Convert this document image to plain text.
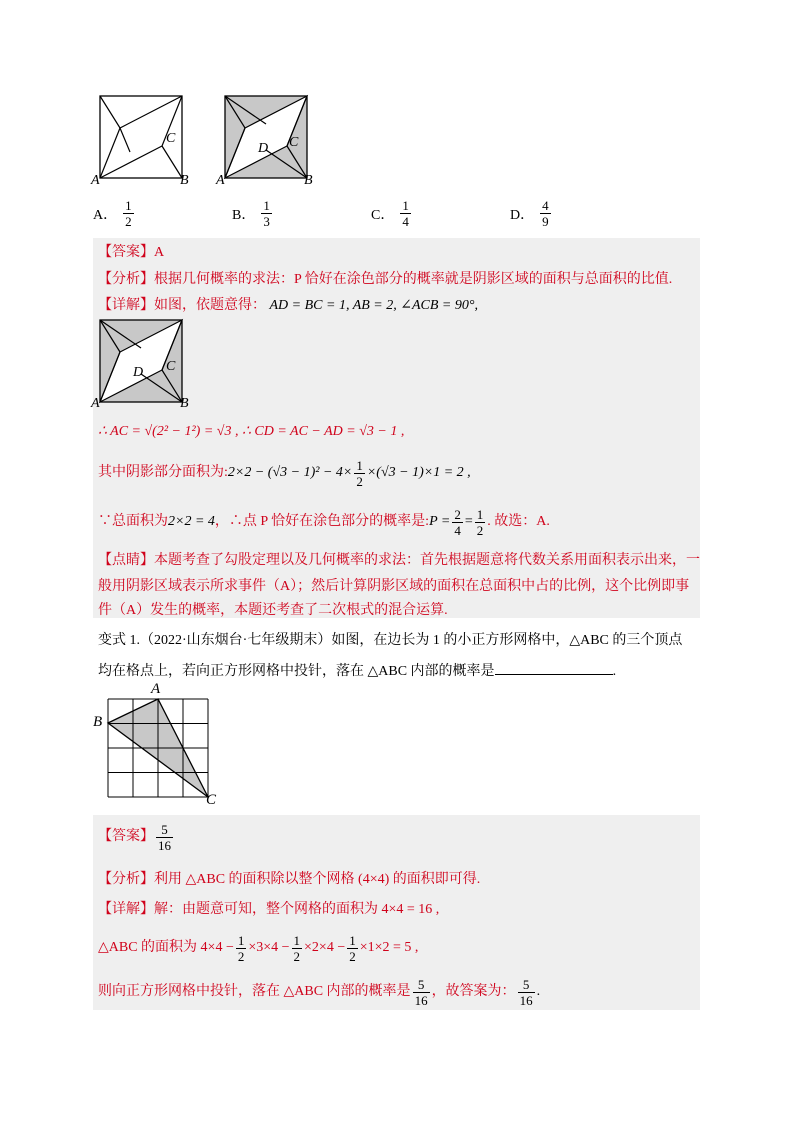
A	B
C
A	B
C
D
A． $\frac{1}{2}$	B． $\frac{1}{3}$	C． $\frac{1}{4}$	D． $\frac{4}{9}$
【答案】A
【分析】根据几何概率的求法：P 恰好在涂色部分的概率就是阴影区域的面积与总面积的比值.
【详解】如图，依题意得： AD = BC = 1, AB = 2, ∠ACB = 90°,
A	B
C
D
∴ AC = √(2² − 1²) = √3 , ∴ CD = AC − AD = √3 − 1 ,
其中阴影部分面积为: $2\times 2 - (√3 - 1)^2 - 4\times \frac{1}{2} \times(√3 - 1)\times 1 = 2$ ,
∵总面积为 2×2 = 4 ，∴点 P 恰好在涂色部分的概率是: $P = \frac{2}{4} = \frac{1}{2}$ . 故选：A.
【点睛】本题考查了勾股定理以及几何概率的求法：首先根据题意将代数关系用面积表示出来，一
般用阴影区域表示所求事件（A）；然后计算阴影区域的面积在总面积中占的比例，这个比例即事
件（A）发生的概率，本题还考查了二次根式的混合运算.
变式 1.（2022·山东烟台·七年级期末）如图，在边长为 1 的小正方形网格中，△ABC 的三个顶点
均在格点上，若向正方形网格中投针，落在 △ABC 内部的概率是	.
A
B
C
【答案】 $\frac{5}{16}$
【分析】利用 △ABC 的面积除以整个网格 (4×4) 的面积即可得.
【详解】解：由题意可知，整个网格的面积为 4×4 = 16 ,
△ABC 的面积为 $4\times 4 - \frac{1}{2} \times 3\times 4 - \frac{1}{2} \times 2\times 4 - \frac{1}{2} \times 1\times 2 = 5$ ,
则向正方形网格中投针，落在 △ABC 内部的概率是 $\frac{5}{16}$ ，故答案为： $\frac{5}{16}$ .
